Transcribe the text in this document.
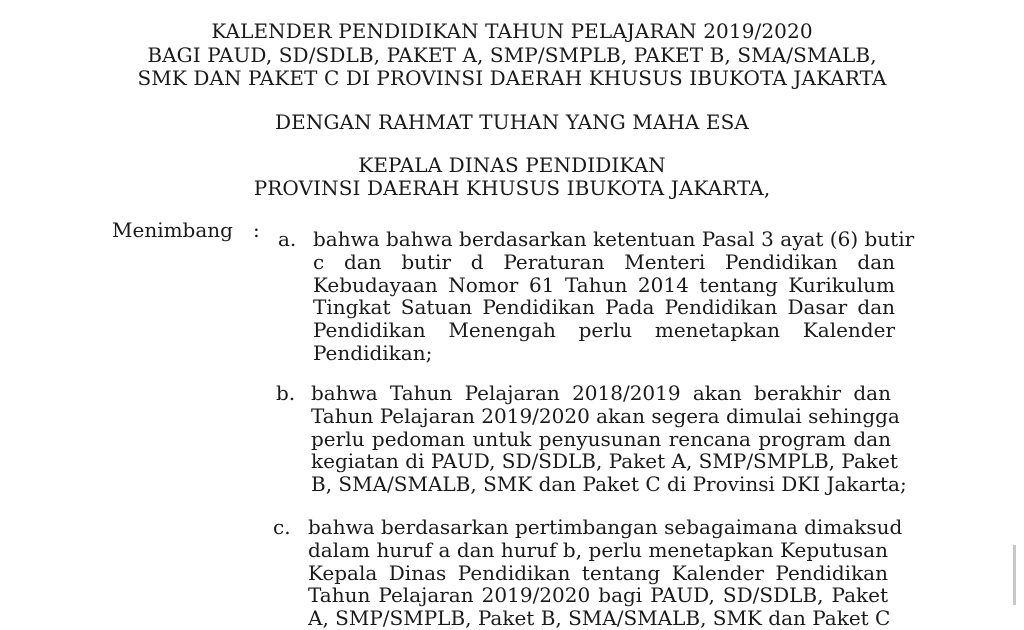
KALENDER PENDIDIKAN TAHUN PELAJARAN 2019/2020
BAGI PAUD, SD/SDLB, PAKET A, SMP/SMPLB, PAKET B, SMA/SMALB,
SMK DAN PAKET C DI PROVINSI DAERAH KHUSUS IBUKOTA JAKARTA
DENGAN RAHMAT TUHAN YANG MAHA ESA
KEPALA DINAS PENDIDIKAN
PROVINSI DAERAH KHUSUS IBUKOTA JAKARTA,
Menimbang : a. bahwa bahwa berdasarkan ketentuan Pasal 3 ayat (6) butir
c dan butir d Peraturan Menteri Pendidikan dan
Kebudayaan Nomor 61 Tahun 2014 tentang Kurikulum
Tingkat Satuan Pendidikan Pada Pendidikan Dasar dan
Pendidikan Menengah perlu menetapkan Kalender
Pendidikan;
b. bahwa Tahun Pelajaran 2018/2019 akan berakhir dan
Tahun Pelajaran 2019/2020 akan segera dimulai sehingga
perlu pedoman untuk penyusunan rencana program dan
kegiatan di PAUD, SD/SDLB, Paket A, SMP/SMPLB, Paket
B, SMA/SMALB, SMK dan Paket C di Provinsi DKI Jakarta;
c. bahwa berdasarkan pertimbangan sebagaimana dimaksud
dalam huruf a dan huruf b, perlu menetapkan Keputusan
Kepala Dinas Pendidikan tentang Kalender Pendidikan
Tahun Pelajaran 2019/2020 bagi PAUD, SD/SDLB, Paket
A, SMP/SMPLB, Paket B, SMA/SMALB, SMK dan Paket C
